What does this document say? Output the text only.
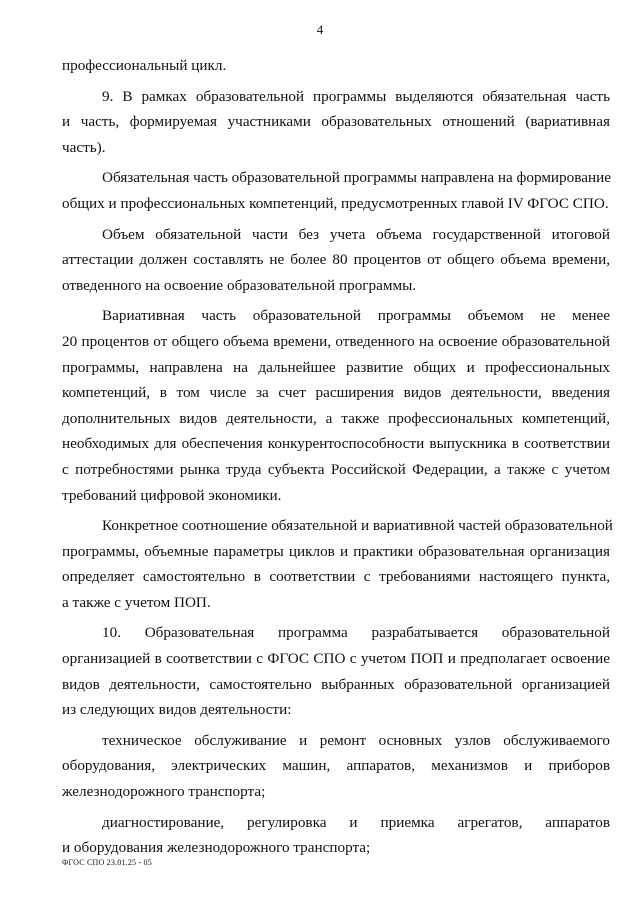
4
профессиональный цикл.
9. В рамках образовательной программы выделяются обязательная часть
и часть, формируемая участниками образовательных отношений (вариативная
часть).
Обязательная часть образовательной программы направлена на формирование
общих и профессиональных компетенций, предусмотренных главой IV ФГОС СПО.
Объем обязательной части без учета объема государственной итоговой
аттестации должен составлять не более 80 процентов от общего объема времени,
отведенного на освоение образовательной программы.
Вариативная часть образовательной программы объемом не менее
20 процентов от общего объема времени, отведенного на освоение образовательной
программы, направлена на дальнейшее развитие общих и профессиональных
компетенций, в том числе за счет расширения видов деятельности, введения
дополнительных видов деятельности, а также профессиональных компетенций,
необходимых для обеспечения конкурентоспособности выпускника в соответствии
с потребностями рынка труда субъекта Российской Федерации, а также с учетом
требований цифровой экономики.
Конкретное соотношение обязательной и вариативной частей образовательной
программы, объемные параметры циклов и практики образовательная организация
определяет самостоятельно в соответствии с требованиями настоящего пункта,
а также с учетом ПОП.
10. Образовательная программа разрабатывается образовательной
организацией в соответствии с ФГОС СПО с учетом ПОП и предполагает освоение
видов деятельности, самостоятельно выбранных образовательной организацией
из следующих видов деятельности:
техническое обслуживание и ремонт основных узлов обслуживаемого
оборудования, электрических машин, аппаратов, механизмов и приборов
железнодорожного транспорта;
диагностирование, регулировка и приемка агрегатов, аппаратов
и оборудования железнодорожного транспорта;
ФГОС СПО 23.01.25 - 05
